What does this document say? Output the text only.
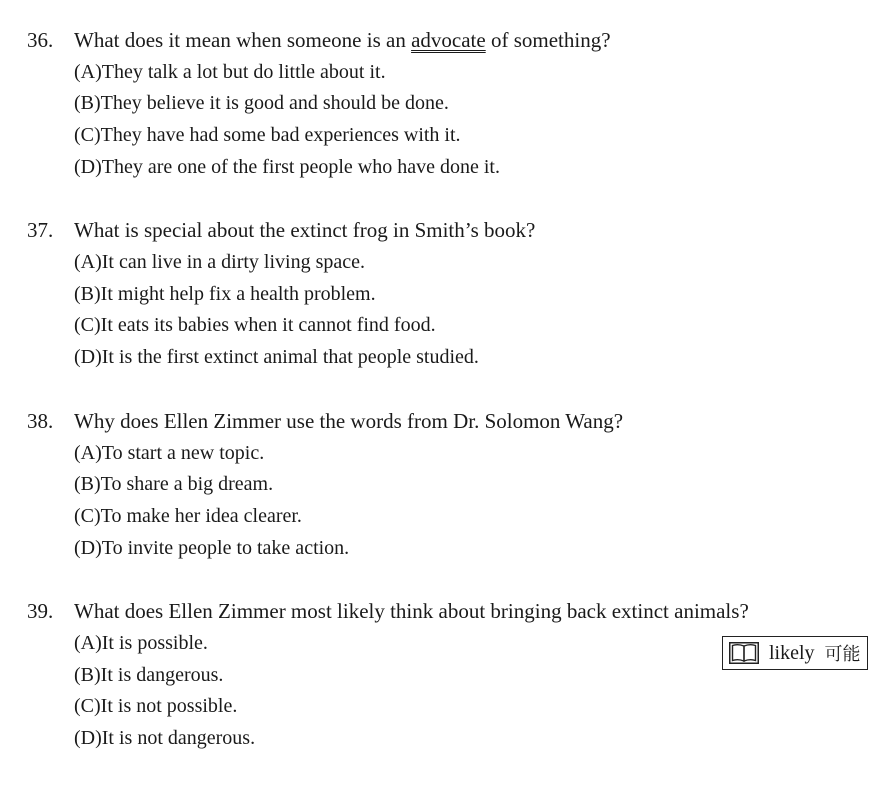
36. What does it mean when someone is an advocate of something?
(A)They talk a lot but do little about it.
(B)They believe it is good and should be done.
(C)They have had some bad experiences with it.
(D)They are one of the first people who have done it.
37. What is special about the extinct frog in Smith’s book?
(A)It can live in a dirty living space.
(B)It might help fix a health problem.
(C)It eats its babies when it cannot find food.
(D)It is the first extinct animal that people studied.
38. Why does Ellen Zimmer use the words from Dr. Solomon Wang?
(A)To start a new topic.
(B)To share a big dream.
(C)To make her idea clearer.
(D)To invite people to take action.
39. What does Ellen Zimmer most likely think about bringing back extinct animals?
(A)It is possible.
(B)It is dangerous.
(C)It is not possible.
(D)It is not dangerous.
likely 可能
